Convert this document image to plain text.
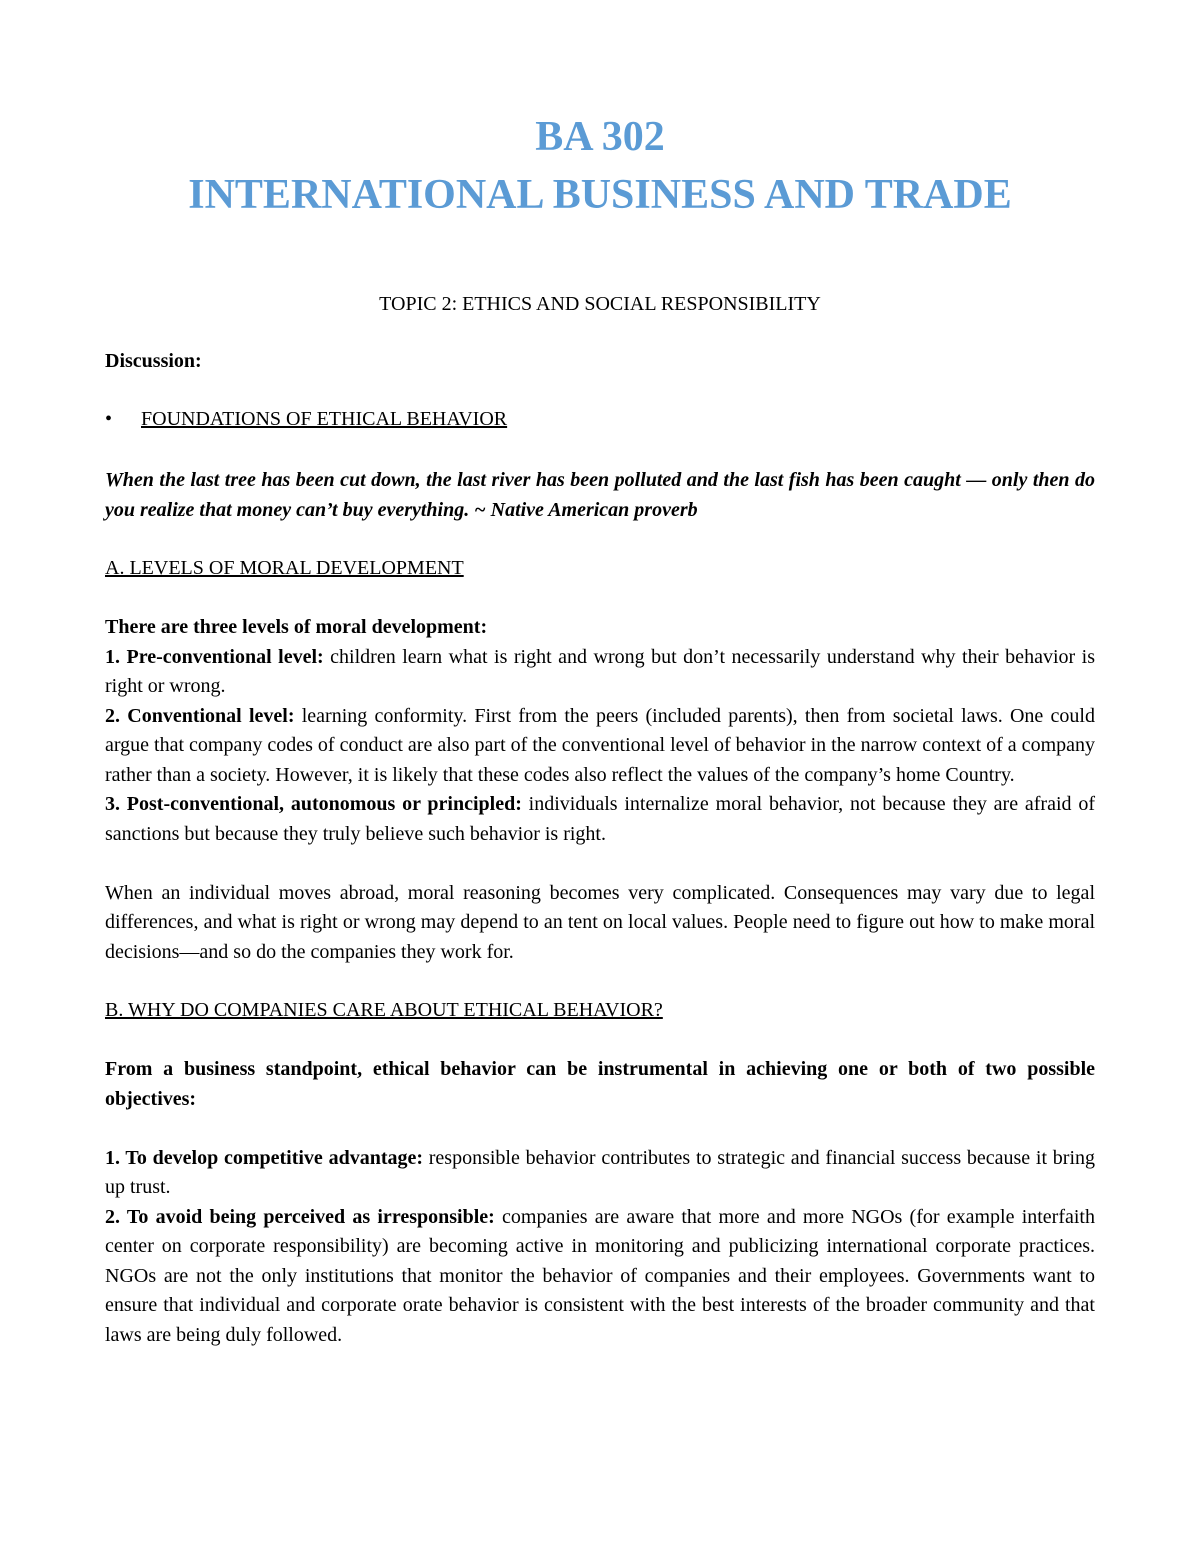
BA 302
INTERNATIONAL BUSINESS AND TRADE
TOPIC 2: ETHICS AND SOCIAL RESPONSIBILITY
Discussion:
•	FOUNDATIONS OF ETHICAL BEHAVIOR
When the last tree has been cut down, the last river has been polluted and the last fish has been caught — only then do you realize that money can’t buy everything. ~ Native American proverb
A. LEVELS OF MORAL DEVELOPMENT
There are three levels of moral development:
1. Pre-conventional level: children learn what is right and wrong but don’t necessarily understand why their behavior is right or wrong.
2. Conventional level: learning conformity. First from the peers (included parents), then from societal laws. One could argue that company codes of conduct are also part of the conventional level of behavior in the narrow context of a company rather than a society. However, it is likely that these codes also reflect the values of the company’s home Country.
3. Post-conventional, autonomous or principled: individuals internalize moral behavior, not because they are afraid of sanctions but because they truly believe such behavior is right.
When an individual moves abroad, moral reasoning becomes very complicated. Consequences may vary due to legal differences, and what is right or wrong may depend to an tent on local values. People need to figure out how to make moral decisions—and so do the companies they work for.
B. WHY DO COMPANIES CARE ABOUT ETHICAL BEHAVIOR?
From a business standpoint, ethical behavior can be instrumental in achieving one or both of two possible objectives:
1. To develop competitive advantage: responsible behavior contributes to strategic and financial success because it bring up trust.
2. To avoid being perceived as irresponsible: companies are aware that more and more NGOs (for example interfaith center on corporate responsibility) are becoming active in monitoring and publicizing international corporate practices. NGOs are not the only institutions that monitor the behavior of companies and their employees. Governments want to ensure that individual and corporate orate behavior is consistent with the best interests of the broader community and that laws are being duly followed.
